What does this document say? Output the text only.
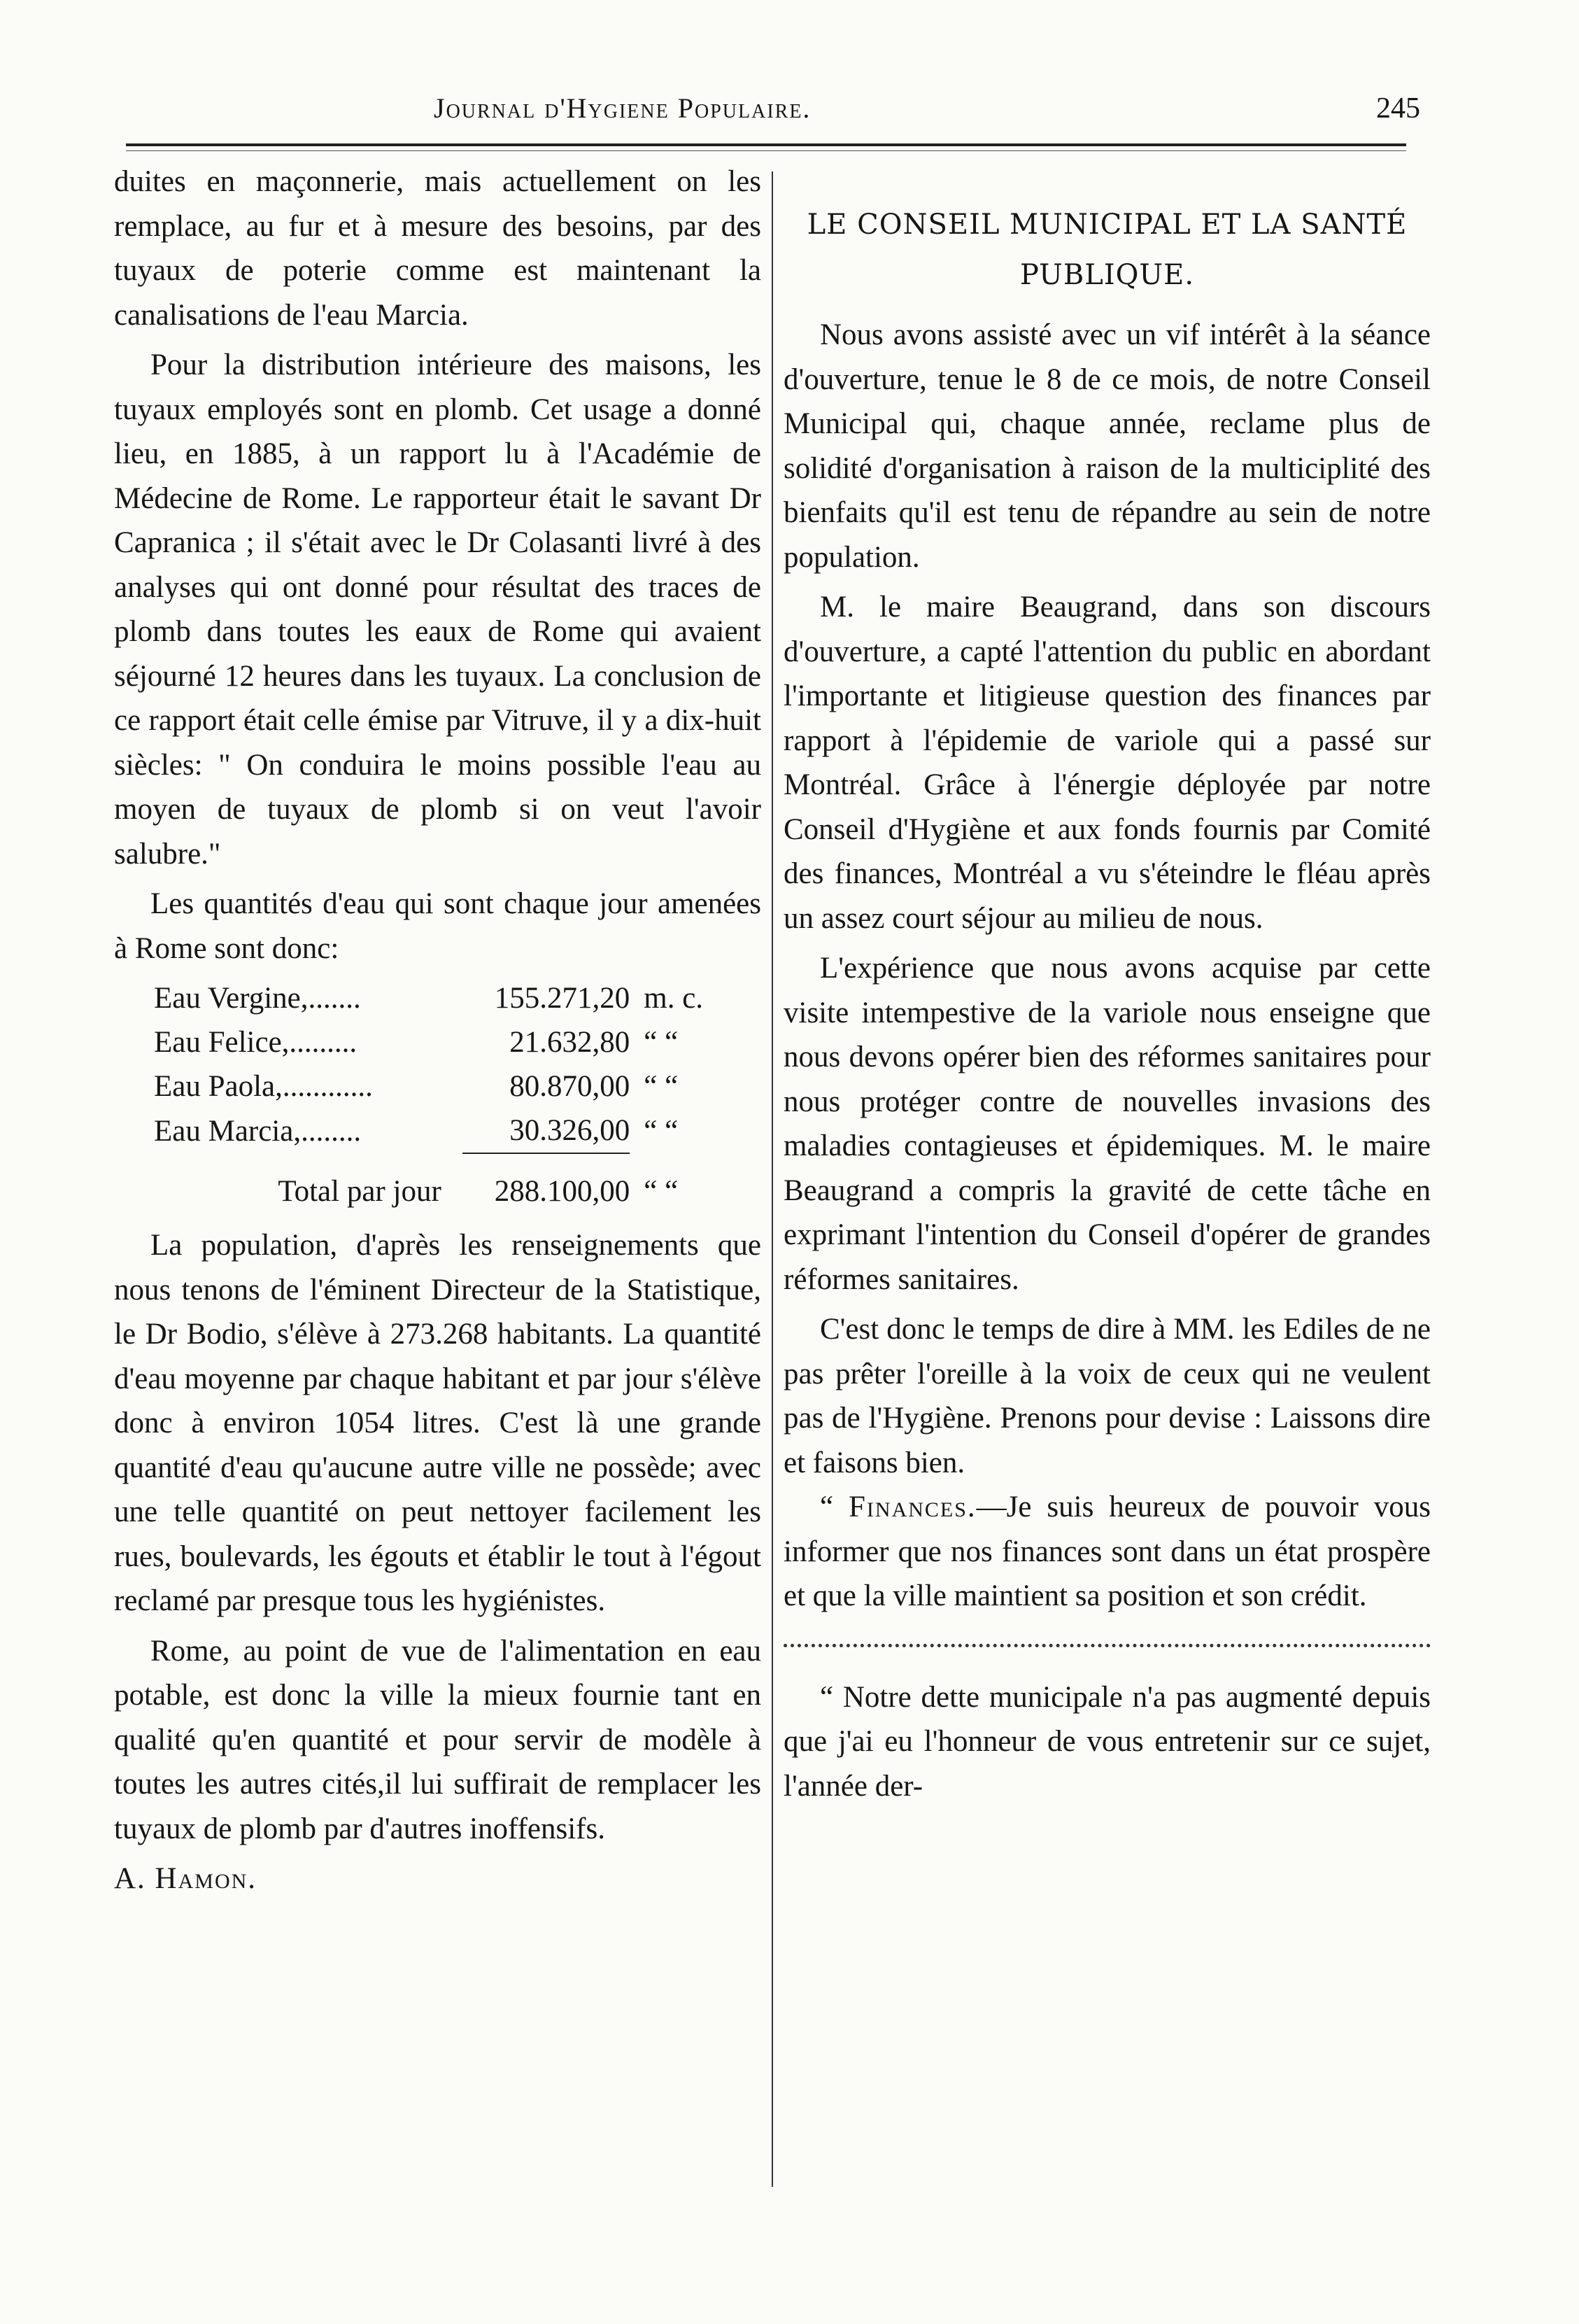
Journal d'Hygiene Populaire.	245

duites en maçonnerie, mais actuellement on les remplace, au fur et à mesure des besoins, par des tuyaux de poterie comme est maintenant la canalisations de l'eau Marcia.

Pour la distribution intérieure des maisons, les tuyaux employés sont en plomb. Cet usage a donné lieu, en 1885, à un rapport lu à l'Académie de Médecine de Rome. Le rapporteur était le savant Dr Capranica ; il s'était avec le Dr Colasanti livré à des analyses qui ont donné pour résultat des traces de plomb dans toutes les eaux de Rome qui avaient séjourné 12 heures dans les tuyaux. La conclusion de ce rapport était celle émise par Vitruve, il y a dix-huit siècles: " On conduira le moins possible l'eau au moyen de tuyaux de plomb si on veut l'avoir salubre."

Les quantités d'eau qui sont chaque jour amenées à Rome sont donc:

Eau Vergine,.......	155.271,20	m. c.
Eau Felice,.........	21.632,80	“ “
Eau Paola,............	80.870,00	“ “
Eau Marcia,........	30.326,00	“ “

Total par jour	288.100,00	“ “

La population, d'après les renseignements que nous tenons de l'éminent Directeur de la Statistique, le Dr Bodio, s'élève à 273.268 habitants. La quantité d'eau moyenne par chaque habitant et par jour s'élève donc à environ 1054 litres. C'est là une grande quantité d'eau qu'aucune autre ville ne possède; avec une telle quantité on peut nettoyer facilement les rues, boulevards, les égouts et établir le tout à l'égout reclamé par presque tous les hygiénistes.

Rome, au point de vue de l'alimentation en eau potable, est donc la ville la mieux fournie tant en qualité qu'en quantité et pour servir de modèle à toutes les autres cités,il lui suffirait de remplacer les tuyaux de plomb par d'autres inoffensifs.

A. Hamon.

LE CONSEIL MUNICIPAL ET LA SANTÉ
PUBLIQUE.

Nous avons assisté avec un vif intérêt à la séance d'ouverture, tenue le 8 de ce mois, de notre Conseil Municipal qui, chaque année, reclame plus de solidité d'organisation à raison de la multiciplité des bienfaits qu'il est tenu de répandre au sein de notre population.

M. le maire Beaugrand, dans son discours d'ouverture, a capté l'attention du public en abordant l'importante et litigieuse question des finances par rapport à l'épidemie de variole qui a passé sur Montréal. Grâce à l'énergie déployée par notre Conseil d'Hygiène et aux fonds fournis par Comité des finances, Montréal a vu s'éteindre le fléau après un assez court séjour au milieu de nous.

L'expérience que nous avons acquise par cette visite intempestive de la variole nous enseigne que nous devons opérer bien des réformes sanitaires pour nous protéger contre de nouvelles invasions des maladies contagieuses et épidemiques. M. le maire Beaugrand a compris la gravité de cette tâche en exprimant l'intention du Conseil d'opérer de grandes réformes sanitaires.

C'est donc le temps de dire à MM. les Ediles de ne pas prêter l'oreille à la voix de ceux qui ne veulent pas de l'Hygiène. Prenons pour devise : Laissons dire et faisons bien.

“ Finances.—Je suis heureux de pouvoir vous informer que nos finances sont dans un état prospère et que la ville maintient sa position et son crédit.

“ Notre dette municipale n'a pas augmenté depuis que j'ai eu l'honneur de vous entretenir sur ce sujet, l'année der-
